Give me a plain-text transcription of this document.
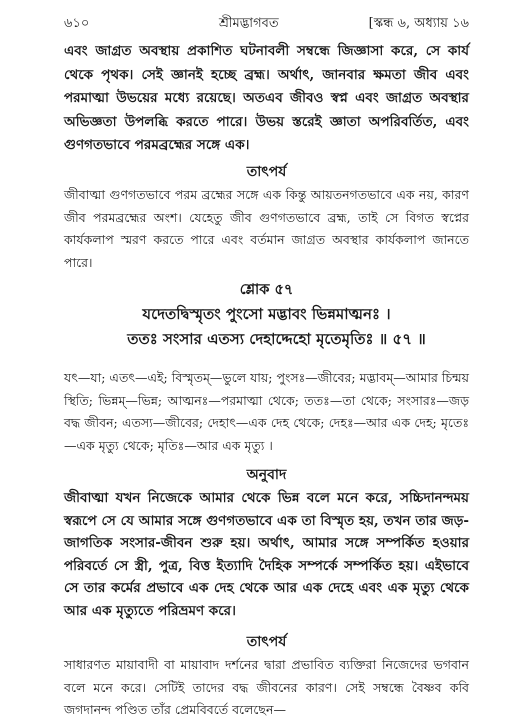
৬১০	শ্রীমদ্ভাগবত	[স্কন্ধ ৬, অধ্যায় ১৬

এবং জাগ্রত অবস্থায় প্রকাশিত ঘটনাবলী সম্বন্ধে জিজ্ঞাসা করে, সে কার্য থেকে পৃথক। সেই জ্ঞানই হচ্ছে ব্রহ্ম। অর্থাৎ, জানবার ক্ষমতা জীব এবং পরমাত্মা উভয়ের মধ্যে রয়েছে। অতএব জীবও স্বপ্ন এবং জাগ্রত অবস্থার অভিজ্ঞতা উপলব্ধি করতে পারে। উভয় স্তরেই জ্ঞাতা অপরিবর্তিত, এবং গুণগতভাবে পরমব্রহ্মের সঙ্গে এক।

তাৎপর্য

জীবাত্মা গুণগতভাবে পরম ব্রহ্মের সঙ্গে এক কিন্তু আয়তনগতভাবে এক নয়, কারণ জীব পরমব্রহ্মের অংশ। যেহেতু জীব গুণগতভাবে ব্রহ্ম, তাই সে বিগত স্বপ্নের কার্যকলাপ স্মরণ করতে পারে এবং বর্তমান জাগ্রত অবস্থার কার্যকলাপ জানতে পারে।

শ্লোক ৫৭
যদেতদ্বিস্মৃতং পুংসো মদ্ভাবং ভিন্নমাত্মনঃ ।
ততঃ সংসার এতস্য দেহাদ্দেহো মৃতেমৃতিঃ ॥ ৫৭ ॥

যৎ—যা; এতৎ—এই; বিস্মৃতম্—ভুলে যায়; পুংসঃ—জীবের; মদ্ভাবম্—আমার চিন্ময় স্থিতি; ভিন্নম্—ভিন্ন; আত্মনঃ—পরমাত্মা থেকে; ততঃ—তা থেকে; সংসারঃ—জড় বদ্ধ জীবন; এতস্য—জীবের; দেহাৎ—এক দেহ থেকে; দেহঃ—আর এক দেহ; মৃতেঃ—এক মৃত্যু থেকে; মৃতিঃ—আর এক মৃত্যু ।

অনুবাদ

জীবাত্মা যখন নিজেকে আমার থেকে ভিন্ন বলে মনে করে, সচ্চিদানন্দময় স্বরূপে সে যে আমার সঙ্গে গুণগতভাবে এক তা বিস্মৃত হয়, তখন তার জড়-জাগতিক সংসার-জীবন শুরু হয়। অর্থাৎ, আমার সঙ্গে সম্পর্কিত হওয়ার পরিবর্তে সে স্ত্রী, পুত্র, বিত্ত ইত্যাদি দৈহিক সম্পর্কে সম্পর্কিত হয়। এইভাবে সে তার কর্মের প্রভাবে এক দেহ থেকে আর এক দেহে এবং এক মৃত্যু থেকে আর এক মৃত্যুতে পরিভ্রমণ করে।

তাৎপর্য

সাধারণত মায়াবাদী বা মায়াবাদ দর্শনের দ্বারা প্রভাবিত ব্যক্তিরা নিজেদের ভগবান বলে মনে করে। সেটিই তাদের বদ্ধ জীবনের কারণ। সেই সম্বন্ধে বৈষ্ণব কবি জগদানন্দ পণ্ডিত তাঁর প্রেমবিবর্তে বলেছেন—
